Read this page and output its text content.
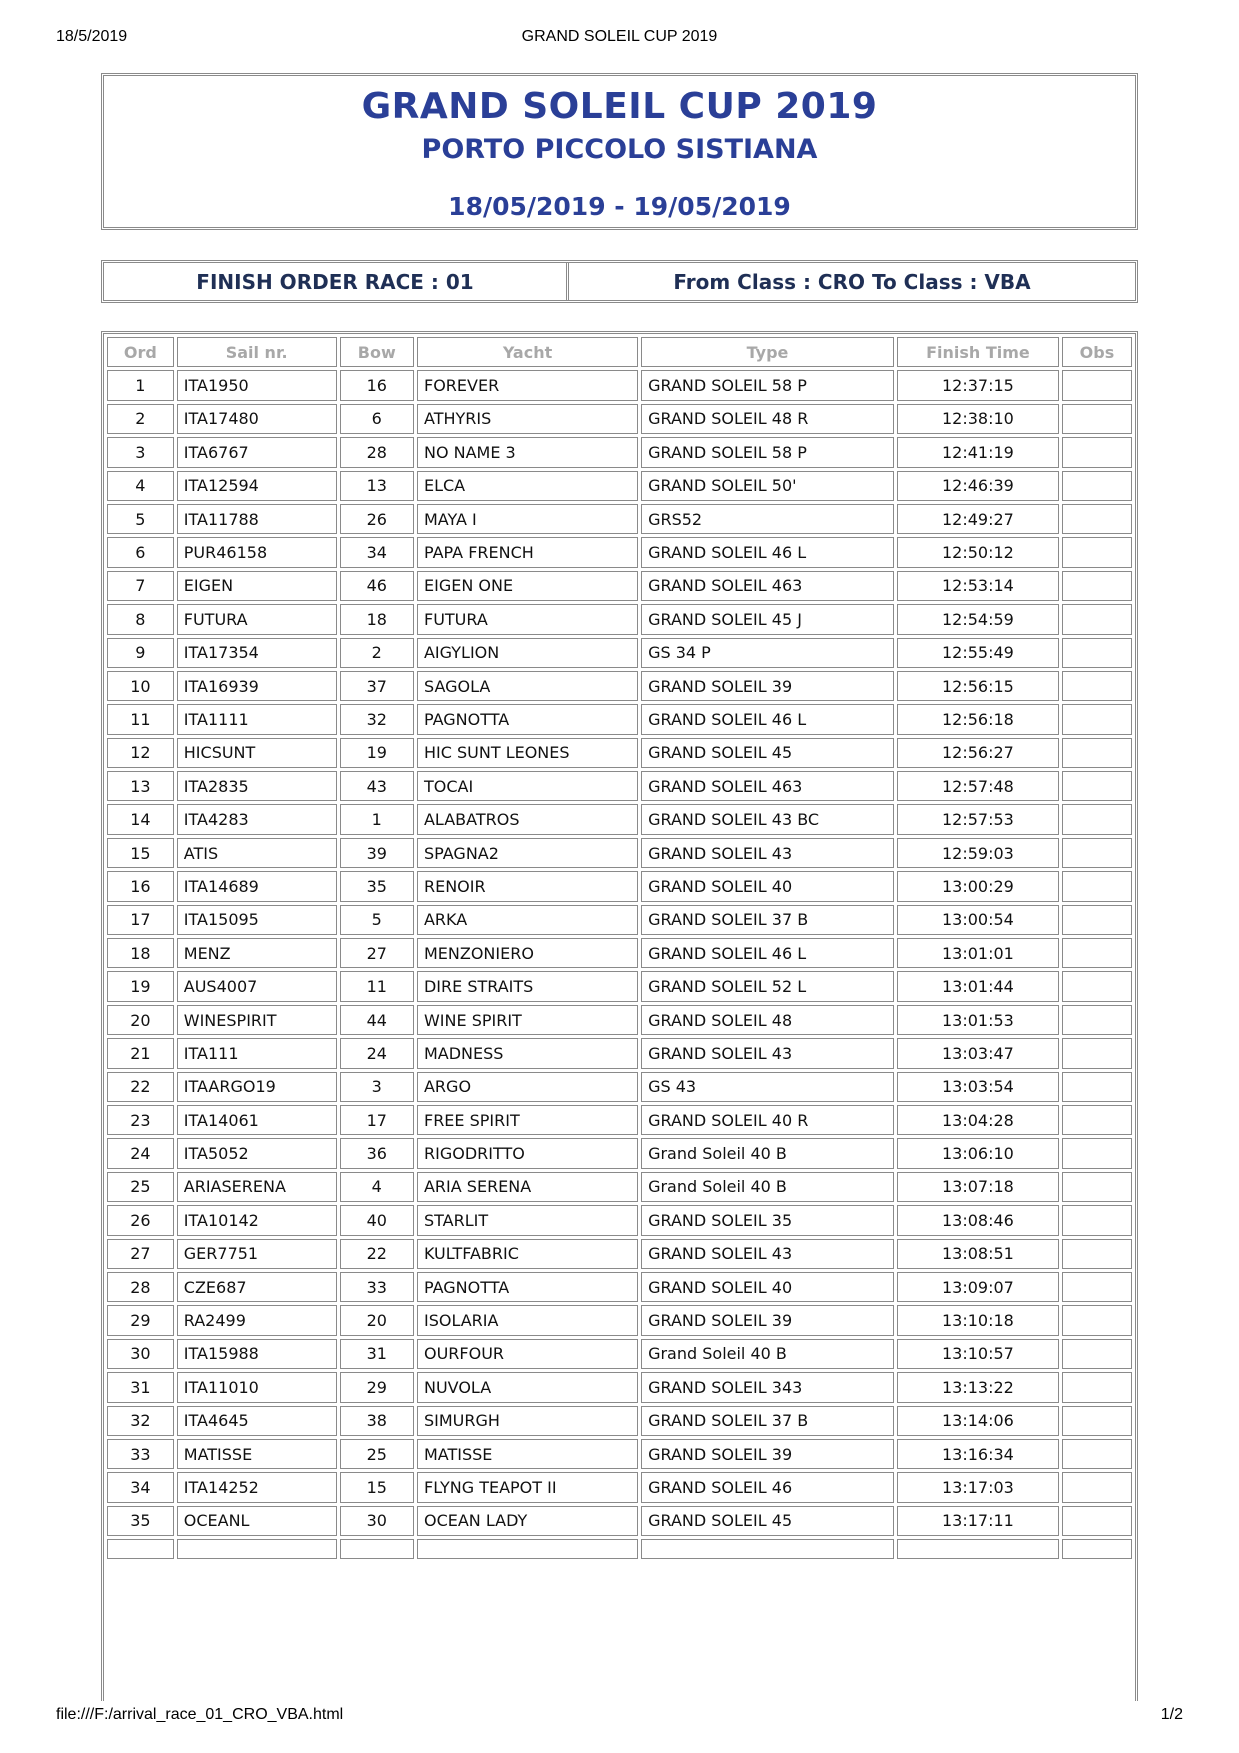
18/5/2019	GRAND SOLEIL CUP 2019
GRAND SOLEIL CUP 2019
PORTO PICCOLO SISTIANA
18/05/2019 - 19/05/2019
FINISH ORDER RACE : 01	From Class : CRO To Class : VBA
Ord	Sail nr.	Bow	Yacht	Type	Finish Time	Obs
1	ITA1950	16	FOREVER	GRAND SOLEIL 58 P	12:37:15	
2	ITA17480	6	ATHYRIS	GRAND SOLEIL 48 R	12:38:10	
3	ITA6767	28	NO NAME 3	GRAND SOLEIL 58 P	12:41:19	
4	ITA12594	13	ELCA	GRAND SOLEIL 50'	12:46:39	
5	ITA11788	26	MAYA I	GRS52	12:49:27	
6	PUR46158	34	PAPA FRENCH	GRAND SOLEIL 46 L	12:50:12	
7	EIGEN	46	EIGEN ONE	GRAND SOLEIL 463	12:53:14	
8	FUTURA	18	FUTURA	GRAND SOLEIL 45 J	12:54:59	
9	ITA17354	2	AIGYLION	GS 34 P	12:55:49	
10	ITA16939	37	SAGOLA	GRAND SOLEIL 39	12:56:15	
11	ITA1111	32	PAGNOTTA	GRAND SOLEIL 46 L	12:56:18	
12	HICSUNT	19	HIC SUNT LEONES	GRAND SOLEIL 45	12:56:27	
13	ITA2835	43	TOCAI	GRAND SOLEIL 463	12:57:48	
14	ITA4283	1	ALABATROS	GRAND SOLEIL 43 BC	12:57:53	
15	ATIS	39	SPAGNA2	GRAND SOLEIL 43	12:59:03	
16	ITA14689	35	RENOIR	GRAND SOLEIL 40	13:00:29	
17	ITA15095	5	ARKA	GRAND SOLEIL 37 B	13:00:54	
18	MENZ	27	MENZONIERO	GRAND SOLEIL 46 L	13:01:01	
19	AUS4007	11	DIRE STRAITS	GRAND SOLEIL 52 L	13:01:44	
20	WINESPIRIT	44	WINE SPIRIT	GRAND SOLEIL 48	13:01:53	
21	ITA111	24	MADNESS	GRAND SOLEIL 43	13:03:47	
22	ITAARGO19	3	ARGO	GS 43	13:03:54	
23	ITA14061	17	FREE SPIRIT	GRAND SOLEIL 40 R	13:04:28	
24	ITA5052	36	RIGODRITTO	Grand Soleil 40 B	13:06:10	
25	ARIASERENA	4	ARIA SERENA	Grand Soleil 40 B	13:07:18	
26	ITA10142	40	STARLIT	GRAND SOLEIL 35	13:08:46	
27	GER7751	22	KULTFABRIC	GRAND SOLEIL 43	13:08:51	
28	CZE687	33	PAGNOTTA	GRAND SOLEIL 40	13:09:07	
29	RA2499	20	ISOLARIA	GRAND SOLEIL 39	13:10:18	
30	ITA15988	31	OURFOUR	Grand Soleil 40 B	13:10:57	
31	ITA11010	29	NUVOLA	GRAND SOLEIL 343	13:13:22	
32	ITA4645	38	SIMURGH	GRAND SOLEIL 37 B	13:14:06	
33	MATISSE	25	MATISSE	GRAND SOLEIL 39	13:16:34	
34	ITA14252	15	FLYNG TEAPOT II	GRAND SOLEIL 46	13:17:03	
35	OCEANL	30	OCEAN LADY	GRAND SOLEIL 45	13:17:11	

file:///F:/arrival_race_01_CRO_VBA.html	1/2
